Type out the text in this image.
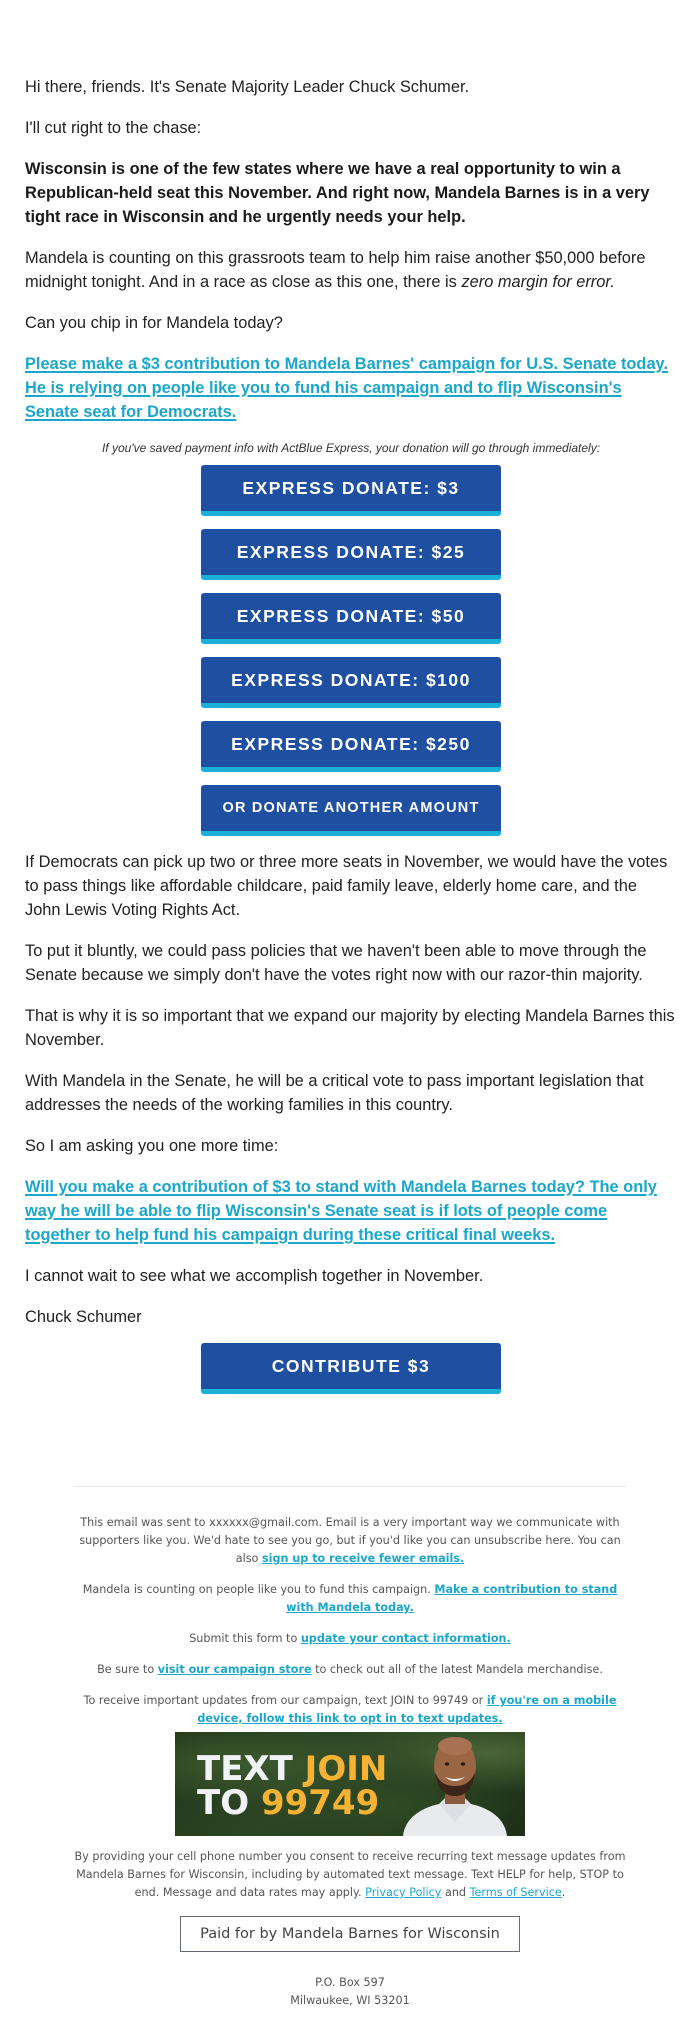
Hi there, friends. It's Senate Majority Leader Chuck Schumer.

I'll cut right to the chase:

Wisconsin is one of the few states where we have a real opportunity to win a Republican-held seat this November. And right now, Mandela Barnes is in a very tight race in Wisconsin and he urgently needs your help.

Mandela is counting on this grassroots team to help him raise another $50,000 before midnight tonight. And in a race as close as this one, there is zero margin for error.

Can you chip in for Mandela today?

Please make a $3 contribution to Mandela Barnes' campaign for U.S. Senate today. He is relying on people like you to fund his campaign and to flip Wisconsin's Senate seat for Democrats.

If you've saved payment info with ActBlue Express, your donation will go through immediately:
EXPRESS DONATE: $3
EXPRESS DONATE: $25
EXPRESS DONATE: $50
EXPRESS DONATE: $100
EXPRESS DONATE: $250
OR DONATE ANOTHER AMOUNT

If Democrats can pick up two or three more seats in November, we would have the votes to pass things like affordable childcare, paid family leave, elderly home care, and the John Lewis Voting Rights Act.

To put it bluntly, we could pass policies that we haven't been able to move through the Senate because we simply don't have the votes right now with our razor-thin majority.

That is why it is so important that we expand our majority by electing Mandela Barnes this November.

With Mandela in the Senate, he will be a critical vote to pass important legislation that addresses the needs of the working families in this country.

So I am asking you one more time:

Will you make a contribution of $3 to stand with Mandela Barnes today? The only way he will be able to flip Wisconsin's Senate seat is if lots of people come together to help fund his campaign during these critical final weeks.

I cannot wait to see what we accomplish together in November.

Chuck Schumer

CONTRIBUTE $3

This email was sent to xxxxxx@gmail.com. Email is a very important way we communicate with supporters like you. We'd hate to see you go, but if you'd like you can unsubscribe here. You can also sign up to receive fewer emails.

Mandela is counting on people like you to fund this campaign. Make a contribution to stand with Mandela today.

Submit this form to update your contact information.

Be sure to visit our campaign store to check out all of the latest Mandela merchandise.

To receive important updates from our campaign, text JOIN to 99749 or if you're on a mobile device, follow this link to opt in to text updates.

TEXT JOIN
TO 99749

By providing your cell phone number you consent to receive recurring text message updates from Mandela Barnes for Wisconsin, including by automated text message. Text HELP for help, STOP to end. Message and data rates may apply. Privacy Policy and Terms of Service.

Paid for by Mandela Barnes for Wisconsin
P.O. Box 597
Milwaukee, WI 53201
